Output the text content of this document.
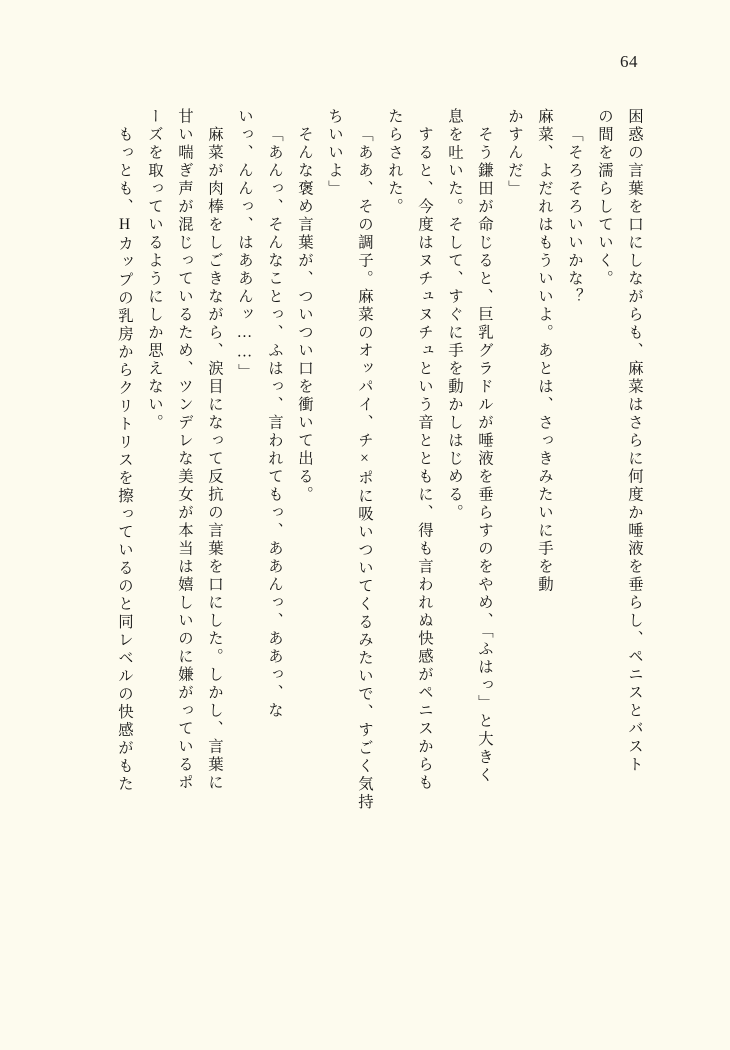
64
困惑の言葉を口にしながらも、麻菜はさらに何度か唾液を垂らし、ペニスとバスト
の間を濡らしていく。
「そろそろいいかな？
麻菜、よだれはもういいよ。あとは、さっきみたいに手を動
かすんだ」
そう鎌田が命じると、巨乳グラドルが唾液を垂らすのをやめ、「ふはっ」と大きく
息を吐いた。そして、すぐに手を動かしはじめる。
すると、今度はヌチュヌチュという音とともに、得も言われぬ快感がペニスからも
たらされた。
「ああ、その調子。麻菜のオッパイ、チ×ポに吸いついてくるみたいで、すごく気持
ちいいよ」
そんな褒め言葉が、ついつい口を衝いて出る。
「あんっ、そんなことっ、ふはっ、言われてもっ、ああんっ、ああっ、な
いっ、んんっ、はああんッ……」
麻菜が肉棒をしごきながら、涙目になって反抗の言葉を口にした。しかし、言葉に
甘い喘ぎ声が混じっているため、ツンデレな美女が本当は嬉しいのに嫌がっているポ
ーズを取っているようにしか思えない。
もっとも、Hカップの乳房からクリトリスを擦っているのと同レベルの快感がもた
